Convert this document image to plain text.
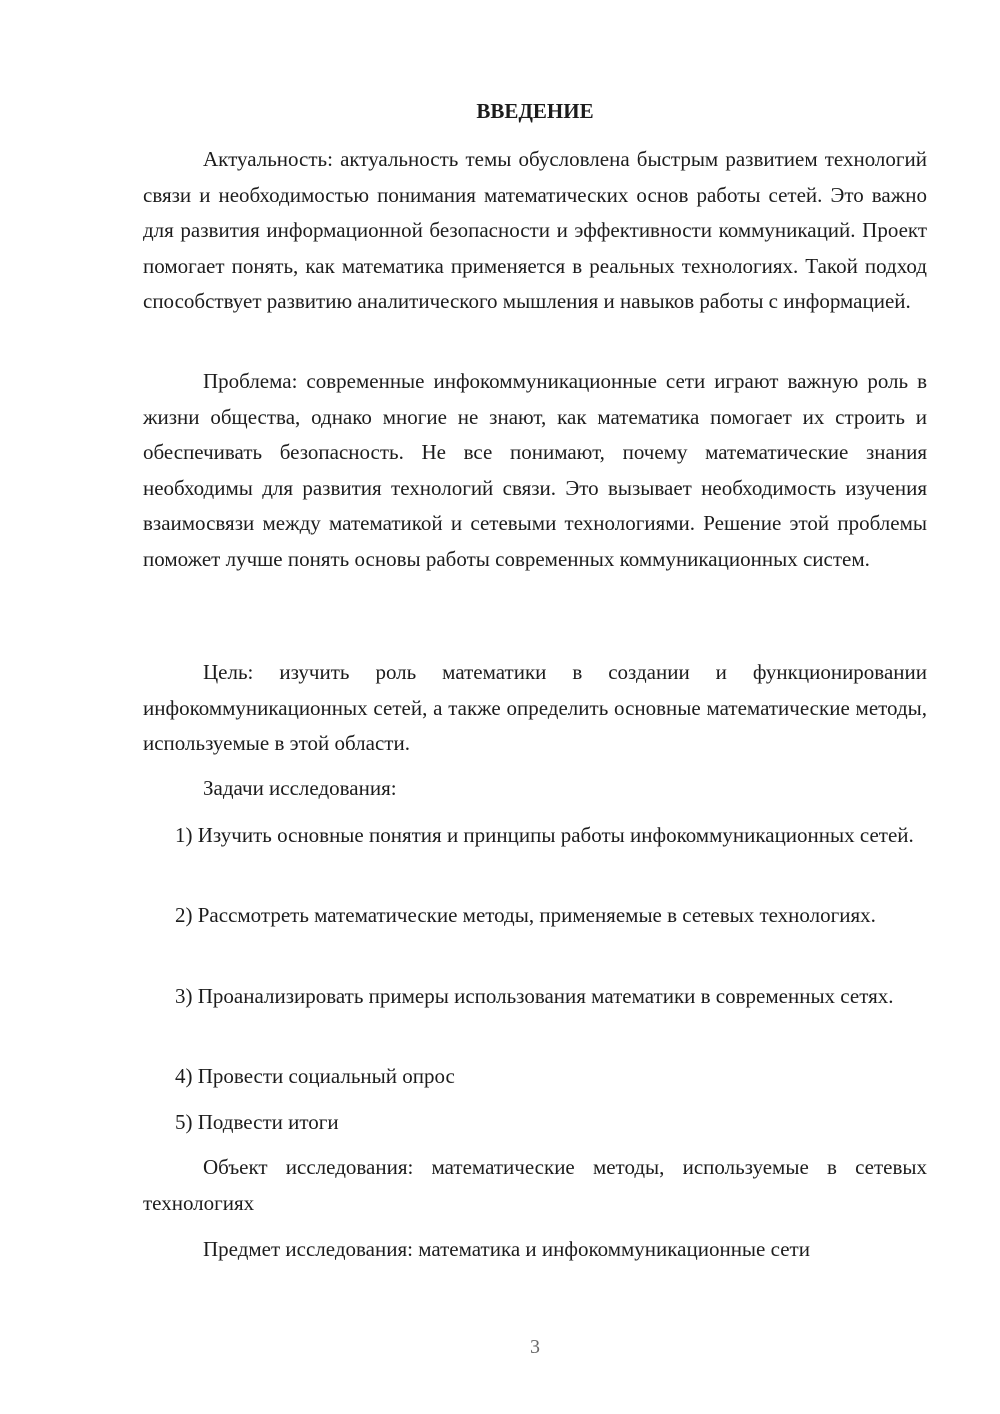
ВВЕДЕНИЕ

Актуальность: актуальность темы обусловлена быстрым развитием технологий связи и необходимостью понимания математических основ работы сетей. Это важно для развития информационной безопасности и эффективности коммуникаций. Проект помогает понять, как математика применяется в реальных технологиях. Такой подход способствует развитию аналитического мышления и навыков работы с информацией.

Проблема: современные инфокоммуникационные сети играют важную роль в жизни общества, однако многие не знают, как математика помогает их строить и обеспечивать безопасность. Не все понимают, почему математические знания необходимы для развития технологий связи. Это вызывает необходимость изучения взаимосвязи между математикой и сетевыми технологиями. Решение этой проблемы поможет лучше понять основы работы современных коммуникационных систем.

Цель: изучить роль математики в создании и функционировании инфокоммуникационных сетей, а также определить основные математические методы, используемые в этой области.

Задачи исследования:

1) Изучить основные понятия и принципы работы инфокоммуникационных сетей.

2) Рассмотреть математические методы, применяемые в сетевых технологиях.

3) Проанализировать примеры использования математики в современных сетях.

4) Провести социальный опрос

5) Подвести итоги

Объект исследования: математические методы, используемые в сетевых технологиях

Предмет исследования: математика и инфокоммуникационные сети

3
